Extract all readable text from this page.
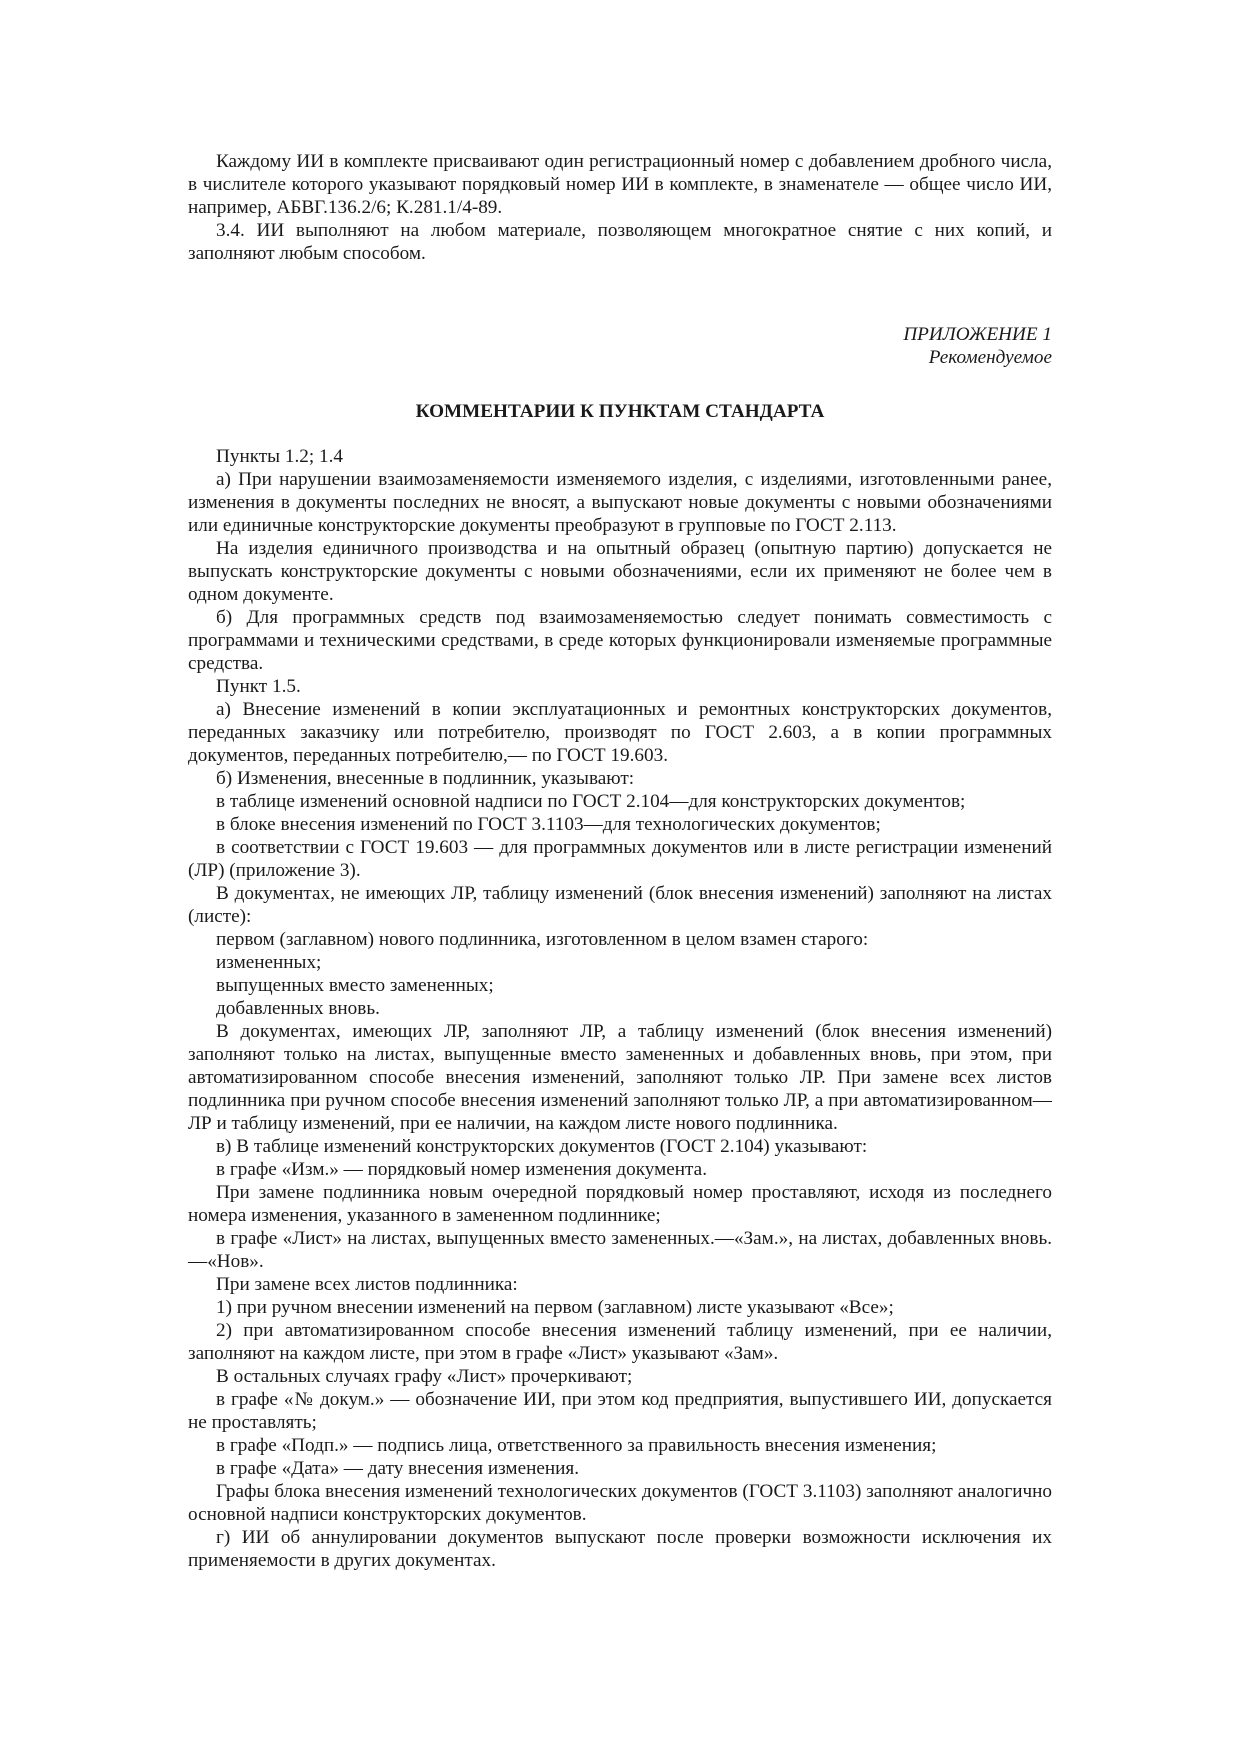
Каждому ИИ в комплекте присваивают один регистрационный номер с добавлением дробного числа, в числителе которого указывают порядковый номер ИИ в комплекте, в знаменателе — общее число ИИ, например, АБВГ.136.2/6; К.281.1/4-89.

3.4. ИИ выполняют на любом материале, позволяющем многократное снятие с них копий, и заполняют любым способом.

ПРИЛОЖЕНИЕ 1

Рекомендуемое

КОММЕНТАРИИ К ПУНКТАМ СТАНДАРТА

Пункты 1.2; 1.4

а) При нарушении взаимозаменяемости изменяемого изделия, с изделиями, изготовленными ранее, изменения в документы последних не вносят, а выпускают новые документы с новыми обозначениями или единичные конструкторские документы преобразуют в групповые по ГОСТ 2.113.

На изделия единичного производства и на опытный образец (опытную партию) допускается не выпускать конструкторские документы с новыми обозначениями, если их применяют не более чем в одном документе.

б) Для программных средств под взаимозаменяемостью следует понимать совместимость с программами и техническими средствами, в среде которых функционировали изменяемые программные средства.

Пункт 1.5.

а) Внесение изменений в копии эксплуатационных и ремонтных конструкторских документов, переданных заказчику или потребителю, производят по ГОСТ 2.603, а в копии программных документов, переданных потребителю,— по ГОСТ 19.603.

б) Изменения, внесенные в подлинник, указывают:

в таблице изменений основной надписи по ГОСТ 2.104—для конструкторских документов;

в блоке внесения изменений по ГОСТ 3.1103—для технологических документов;

в соответствии с ГОСТ 19.603 — для программных документов или в листе регистрации изменений (ЛР) (приложение 3).

В документах, не имеющих ЛР, таблицу изменений (блок внесения изменений) заполняют на листах (листе):

первом (заглавном) нового подлинника, изготовленном в целом взамен старого:

измененных;

выпущенных вместо замененных;

добавленных вновь.

В документах, имеющих ЛР, заполняют ЛР, а таблицу изменений (блок внесения изменений) заполняют только на листах, выпущенные вместо замененных и добавленных вновь, при этом, при автоматизированном способе внесения изменений, заполняют только ЛР. При замене всех листов подлинника при ручном способе внесения изменений заполняют только ЛР, а при автоматизированном—ЛР и таблицу изменений, при ее наличии, на каждом листе нового подлинника.

в) В таблице изменений конструкторских документов (ГОСТ 2.104) указывают:

в графе «Изм.» — порядковый номер изменения документа.

При замене подлинника новым очередной порядковый номер проставляют, исходя из последнего номера изменения, указанного в замененном подлиннике;

в графе «Лист» на листах, выпущенных вместо замененных.—«Зам.», на листах, добавленных вновь.—«Нов».

При замене всех листов подлинника:

1) при ручном внесении изменений на первом (заглавном) листе указывают «Все»;

2) при автоматизированном способе внесения изменений таблицу изменений, при ее наличии, заполняют на каждом листе, при этом в графе «Лист» указывают «Зам».

В остальных случаях графу «Лист» прочеркивают;

в графе «№ докум.» — обозначение ИИ, при этом код предприятия, выпустившего ИИ, допускается не проставлять;

в графе «Подп.» — подпись лица, ответственного за правильность внесения изменения;

в графе «Дата» — дату внесения изменения.

Графы блока внесения изменений технологических документов (ГОСТ 3.1103) заполняют аналогично основной надписи конструкторских документов.

г) ИИ об аннулировании документов выпускают после проверки возможности исключения их применяемости в других документах.
